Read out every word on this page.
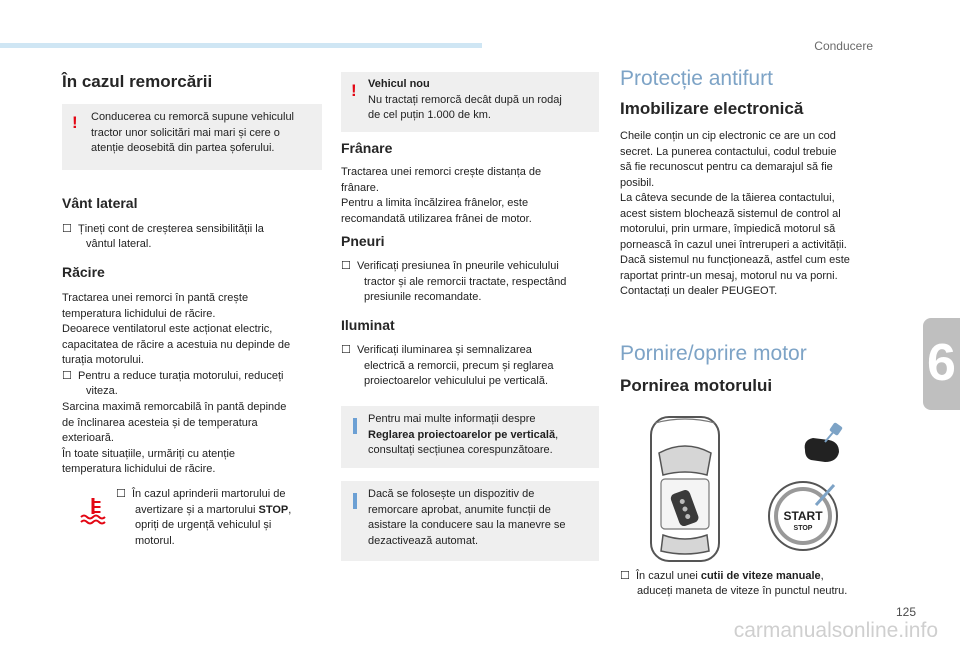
Conducere
6
În cazul remorcării
! Conducerea cu remorcă supune vehiculul
tractor unor solicitări mai mari și cere o
atenție deosebită din partea șoferului.
Vânt lateral
☐ Țineți cont de creșterea sensibilității la
vântul lateral.
Răcire
Tractarea unei remorci în pantă crește
temperatura lichidului de răcire.
Deoarece ventilatorul este acționat electric,
capacitatea de răcire a acestuia nu depinde de
turația motorului.
☐ Pentru a reduce turația motorului, reduceți
viteza.
Sarcina maximă remorcabilă în pantă depinde
de înclinarea acesteia și de temperatura
exterioară.
În toate situațiile, urmăriți cu atenție
temperatura lichidului de răcire.
☐ În cazul aprinderii martorului de
avertizare și a martorului STOP,
opriți de urgență vehiculul și
motorul.
! Vehicul nou
Nu tractați remorcă decât după un rodaj
de cel puțin 1.000 de km.
Frânare
Tractarea unei remorci crește distanța de
frânare.
Pentru a limita încălzirea frânelor, este
recomandată utilizarea frânei de motor.
Pneuri
☐ Verificați presiunea în pneurile vehiculului
tractor și ale remorcii tractate, respectând
presiunile recomandate.
Iluminat
☐ Verificați iluminarea și semnalizarea
electrică a remorcii, precum și reglarea
proiectoarelor vehiculului pe verticală.
Pentru mai multe informații despre
Reglarea proiectoarelor pe verticală,
consultați secțiunea corespunzătoare.
Dacă se folosește un dispozitiv de
remorcare aprobat, anumite funcții de
asistare la conducere sau la manevre se
dezactivează automat.
Protecție antifurt
Imobilizare electronică
Cheile conțin un cip electronic ce are un cod
secret. La punerea contactului, codul trebuie
să fie recunoscut pentru ca demarajul să fie
posibil.
La câteva secunde de la tăierea contactului,
acest sistem blochează sistemul de control al
motorului, prin urmare, împiedică motorul să
pornească în cazul unei întreruperi a activității.
Dacă sistemul nu funcționează, astfel cum este
raportat printr-un mesaj, motorul nu va porni.
Contactați un dealer PEUGEOT.
Pornire/oprire motor
Pornirea motorului
START
STOP
☐ În cazul unei cutii de viteze manuale,
aduceți maneta de viteze în punctul neutru.
125
carmanualsonline.info
